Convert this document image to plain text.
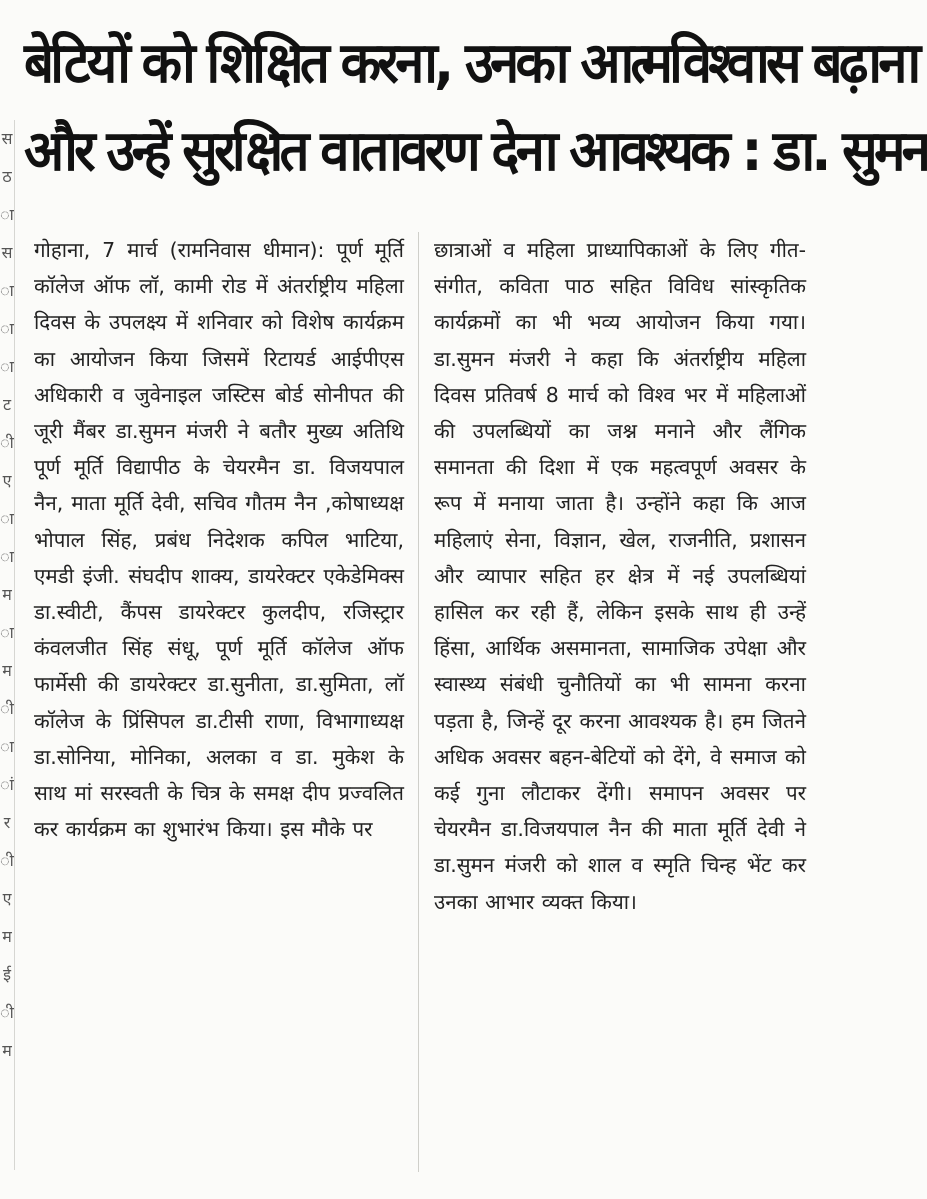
स ठ ा स ा ा ा ट ी ए ा ा म ा म ी ा ां र ी ए म ई ी म
बेटियों को शिक्षित करना, उनका आत्मविश्वास बढ़ाना
और उन्हें सुरक्षित वातावरण देना आवश्यक : डा. सुमन
गोहाना, 7 मार्च (रामनिवास धीमान): पूर्ण मूर्ति कॉलेज ऑफ लॉ, कामी रोड में अंतर्राष्ट्रीय महिला दिवस के उपलक्ष्य में शनिवार को विशेष कार्यक्रम का आयोजन किया जिसमें रिटायर्ड आईपीएस अधिकारी व जुवेनाइल जस्टिस बोर्ड सोनीपत की जूरी मैंबर डा.सुमन मंजरी ने बतौर मुख्य अतिथि पूर्ण मूर्ति विद्यापीठ के चेयरमैन डा. विजयपाल नैन, माता मूर्ति देवी, सचिव गौतम नैन ,कोषाध्यक्ष भोपाल सिंह, प्रबंध निदेशक कपिल भाटिया, एमडी इंजी. संघदीप शाक्य, डायरेक्टर एकेडेमिक्स डा.स्वीटी, कैंपस डायरेक्टर कुलदीप, रजिस्ट्रार कंवलजीत सिंह संधू, पूर्ण मूर्ति कॉलेज ऑफ फार्मेसी की डायरेक्टर डा.सुनीता, डा.सुमिता, लॉ कॉलेज के प्रिंसिपल डा.टीसी राणा, विभागाध्यक्ष डा.सोनिया, मोनिका, अलका व डा. मुकेश के साथ मां सरस्वती के चित्र के समक्ष दीप प्रज्वलित कर कार्यक्रम का शुभारंभ किया। इस मौके पर
छात्राओं व महिला प्राध्यापिकाओं के लिए गीत-संगीत, कविता पाठ सहित विविध सांस्कृतिक कार्यक्रमों का भी भव्य आयोजन किया गया। डा.सुमन मंजरी ने कहा कि अंतर्राष्ट्रीय महिला दिवस प्रतिवर्ष 8 मार्च को विश्व भर में महिलाओं की उपलब्धियों का जश्न मनाने और लैंगिक समानता की दिशा में एक महत्वपूर्ण अवसर के रूप में मनाया जाता है। उन्होंने कहा कि आज महिलाएं सेना, विज्ञान, खेल, राजनीति, प्रशासन और व्यापार सहित हर क्षेत्र में नई उपलब्धियां हासिल कर रही हैं, लेकिन इसके साथ ही उन्हें हिंसा, आर्थिक असमानता, सामाजिक उपेक्षा और स्वास्थ्य संबंधी चुनौतियों का भी सामना करना पड़ता है, जिन्हें दूर करना आवश्यक है। हम जितने अधिक अवसर बहन-बेटियों को देंगे, वे समाज को कई गुना लौटाकर देंगी। समापन अवसर पर चेयरमैन डा.विजयपाल नैन की माता मूर्ति देवी ने डा.सुमन मंजरी को शाल व स्मृति चिन्ह भेंट कर उनका आभार व्यक्त किया।
